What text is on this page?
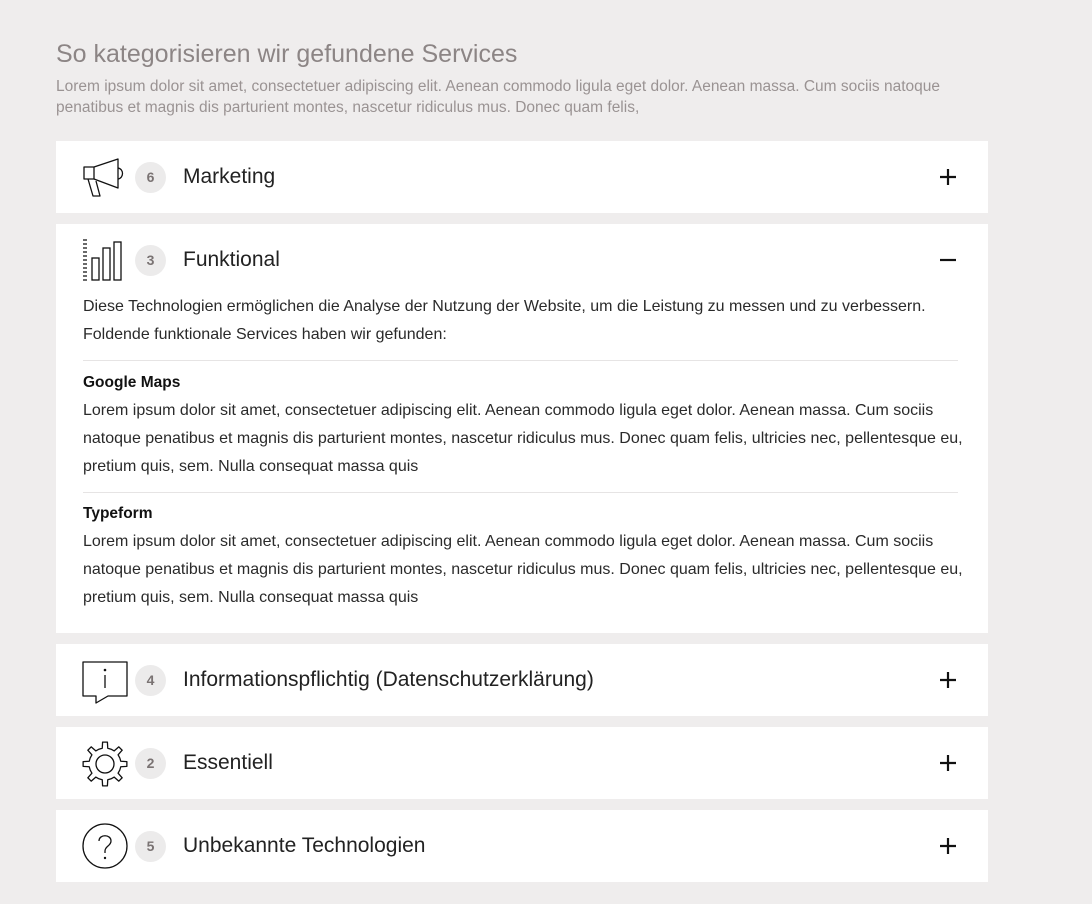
So kategorisieren wir gefundene Services
Lorem ipsum dolor sit amet, consectetuer adipiscing elit. Aenean commodo ligula eget dolor. Aenean massa. Cum sociis natoque penatibus et magnis dis parturient montes, nascetur ridiculus mus. Donec quam felis,
6	Marketing
3	Funktional
Diese Technologien ermöglichen die Analyse der Nutzung der Website, um die Leistung zu messen und zu verbessern. Foldende funktionale Services haben wir gefunden:

Google Maps

Lorem ipsum dolor sit amet, consectetuer adipiscing elit. Aenean commodo ligula eget dolor. Aenean massa. Cum sociis natoque penatibus et magnis dis parturient montes, nascetur ridiculus mus. Donec quam felis, ultricies nec, pellentesque eu, pretium quis, sem. Nulla consequat massa quis

Typeform

Lorem ipsum dolor sit amet, consectetuer adipiscing elit. Aenean commodo ligula eget dolor. Aenean massa. Cum sociis natoque penatibus et magnis dis parturient montes, nascetur ridiculus mus. Donec quam felis, ultricies nec, pellentesque eu, pretium quis, sem. Nulla consequat massa quis

4	Informationspflichtig (Datenschutzerklärung)
2	Essentiell
5	Unbekannte Technologien
